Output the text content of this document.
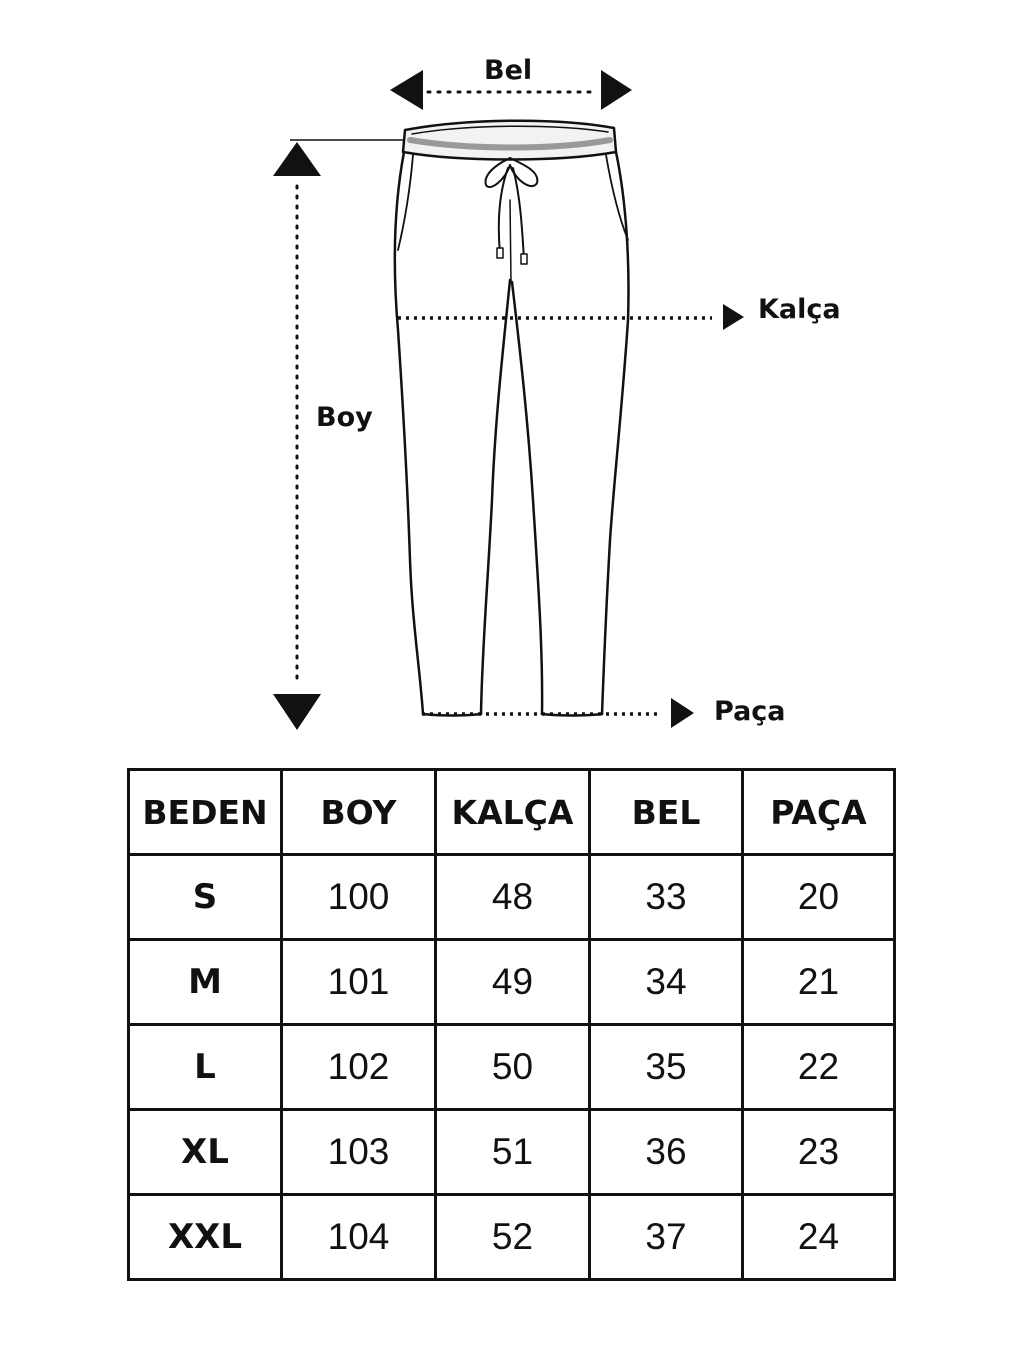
Bel
Kalça
Boy
Paça
BEDEN	BOY	KALÇA	BEL	PAÇA
S	100	48	33	20
M	101	49	34	21
L	102	50	35	22
XL	103	51	36	23
XXL	104	52	37	24
